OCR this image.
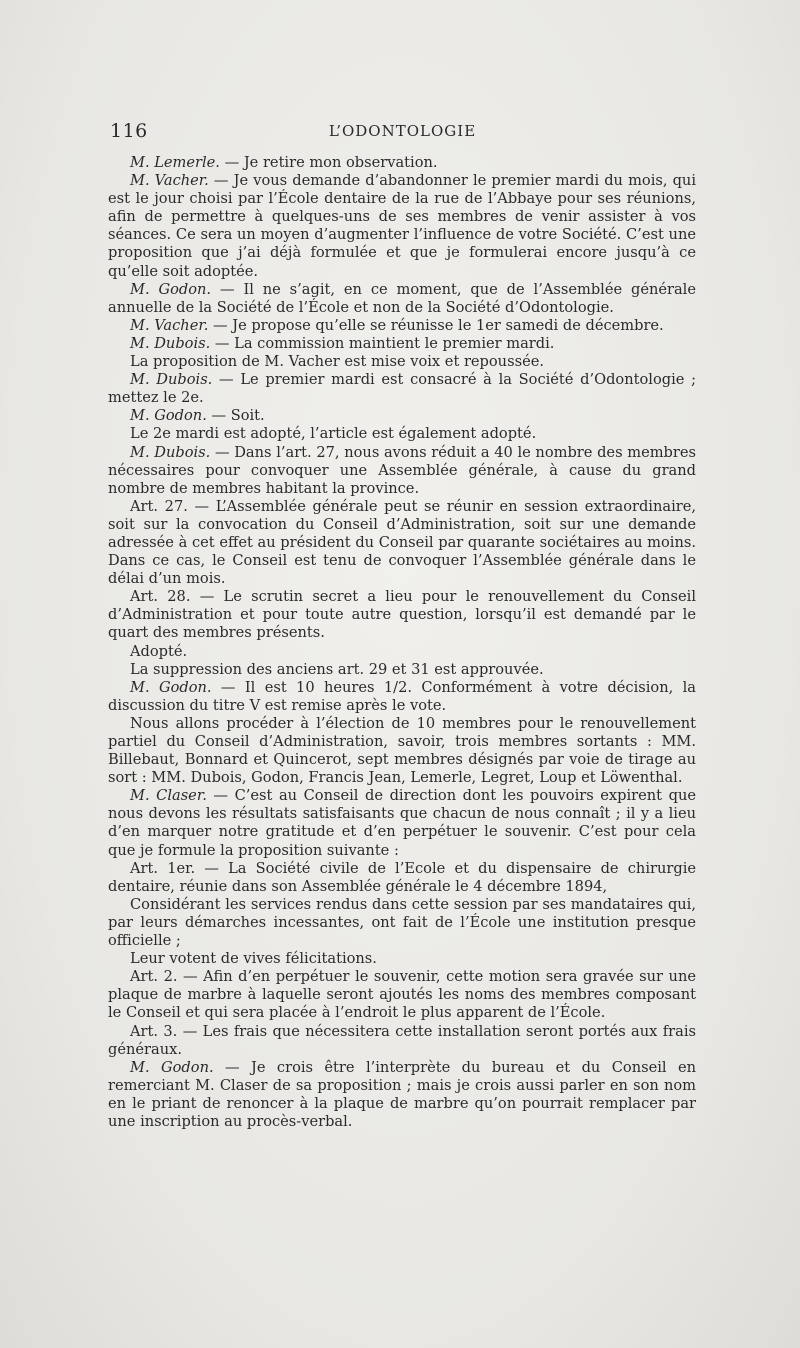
116	L’ODONTOLOGIE

M. Lemerle. — Je retire mon observation.

M. Vacher. — Je vous demande d’abandonner le premier mardi du mois, qui est le jour choisi par l’École dentaire de la rue de l’Abbaye pour ses réunions, afin de permettre à quelques-uns de ses membres de venir assister à vos séances. Ce sera un moyen d’augmenter l’influence de votre Société. C’est une proposition que j’ai déjà formulée et que je formulerai encore jusqu’à ce qu’elle soit adoptée.

M. Godon. — Il ne s’agit, en ce moment, que de l’Assemblée générale annuelle de la Société de l’École et non de la Société d’Odontologie.

M. Vacher. — Je propose qu’elle se réunisse le 1er samedi de décembre.

M. Dubois. — La commission maintient le premier mardi.

La proposition de M. Vacher est mise voix et repoussée.

M. Dubois. — Le premier mardi est consacré à la Société d’Odontologie ; mettez le 2e.

M. Godon. — Soit.

Le 2e mardi est adopté, l’article est également adopté.

M. Dubois. — Dans l’art. 27, nous avons réduit a 40 le nombre des membres nécessaires pour convoquer une Assemblée générale, à cause du grand nombre de membres habitant la province.

Art. 27. — L’Assemblée générale peut se réunir en session extraordinaire, soit sur la convocation du Conseil d’Administration, soit sur une demande adressée à cet effet au président du Conseil par quarante sociétaires au moins. Dans ce cas, le Conseil est tenu de convoquer l’Assemblée générale dans le délai d’un mois.

Art. 28. — Le scrutin secret a lieu pour le renouvellement du Conseil d’Administration et pour toute autre question, lorsqu’il est demandé par le quart des membres présents.

Adopté.

La suppression des anciens art. 29 et 31 est approuvée.

M. Godon. — Il est 10 heures 1/2. Conformément à votre décision, la discussion du titre V est remise après le vote.

Nous allons procéder à l’élection de 10 membres pour le renouvellement partiel du Conseil d’Administration, savoir, trois membres sortants : MM. Billebaut, Bonnard et Quincerot, sept membres désignés par voie de tirage au sort : MM. Dubois, Godon, Francis Jean, Lemerle, Legret, Loup et Löwenthal.

M. Claser. — C’est au Conseil de direction dont les pouvoirs expirent que nous devons les résultats satisfaisants que chacun de nous connaît ; il y a lieu d’en marquer notre gratitude et d’en perpétuer le souvenir. C’est pour cela que je formule la proposition suivante :

Art. 1er. — La Société civile de l’Ecole et du dispensaire de chirurgie dentaire, réunie dans son Assemblée générale le 4 décembre 1894,

Considérant les services rendus dans cette session par ses mandataires qui, par leurs démarches incessantes, ont fait de l’École une institution presque officielle ;

Leur votent de vives félicitations.

Art. 2. — Afin d’en perpétuer le souvenir, cette motion sera gravée sur une plaque de marbre à laquelle seront ajoutés les noms des membres composant le Conseil et qui sera placée à l’endroit le plus apparent de l’École.

Art. 3. — Les frais que nécessitera cette installation seront portés aux frais généraux.

M. Godon. — Je crois être l’interprète du bureau et du Conseil en remerciant M. Claser de sa proposition ; mais je crois aussi parler en son nom en le priant de renoncer à la plaque de marbre qu’on pourrait remplacer par une inscription au procès-verbal.
